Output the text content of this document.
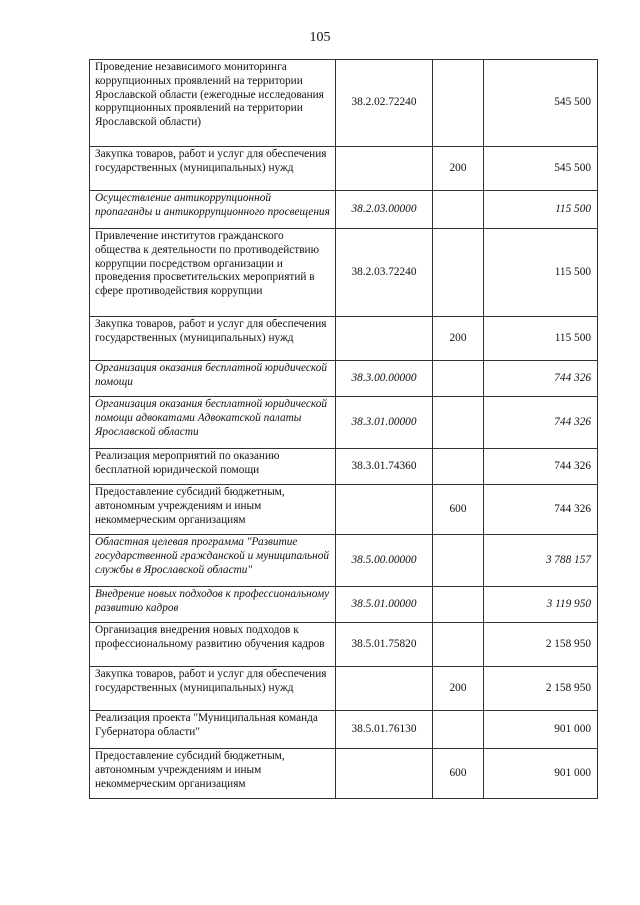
105
Проведение независимого мониторинга коррупционных проявлений на территории Ярославской области (ежегодные исследования коррупционных проявлений на территории Ярославской области)	38.2.02.72240		545 500
Закупка товаров, работ и услуг для обеспечения государственных (муниципальных) нужд		200	545 500
Осуществление антикоррупционной пропаганды и антикоррупционного просвещения	38.2.03.00000		115 500
Привлечение институтов гражданского общества к деятельности по противодействию коррупции посредством организации и проведения просветительских мероприятий в сфере противодействия коррупции	38.2.03.72240		115 500
Закупка товаров, работ и услуг для обеспечения государственных (муниципальных) нужд		200	115 500
Организация оказания бесплатной юридической помощи	38.3.00.00000		744 326
Организация оказания бесплатной юридической помощи адвокатами Адвокатской палаты Ярославской области	38.3.01.00000		744 326
Реализация мероприятий по оказанию бесплатной юридической помощи	38.3.01.74360		744 326
Предоставление субсидий бюджетным, автономным учреждениям и иным некоммерческим организациям		600	744 326
Областная целевая программа "Развитие государственной гражданской и муниципальной службы в Ярославской области"	38.5.00.00000		3 788 157
Внедрение новых подходов к профессиональному развитию кадров	38.5.01.00000		3 119 950
Организация внедрения новых подходов к профессиональному развитию обучения кадров	38.5.01.75820		2 158 950
Закупка товаров, работ и услуг для обеспечения государственных (муниципальных) нужд		200	2 158 950
Реализация проекта "Муниципальная команда Губернатора области"	38.5.01.76130		901 000
Предоставление субсидий бюджетным, автономным учреждениям и иным некоммерческим организациям		600	901 000
